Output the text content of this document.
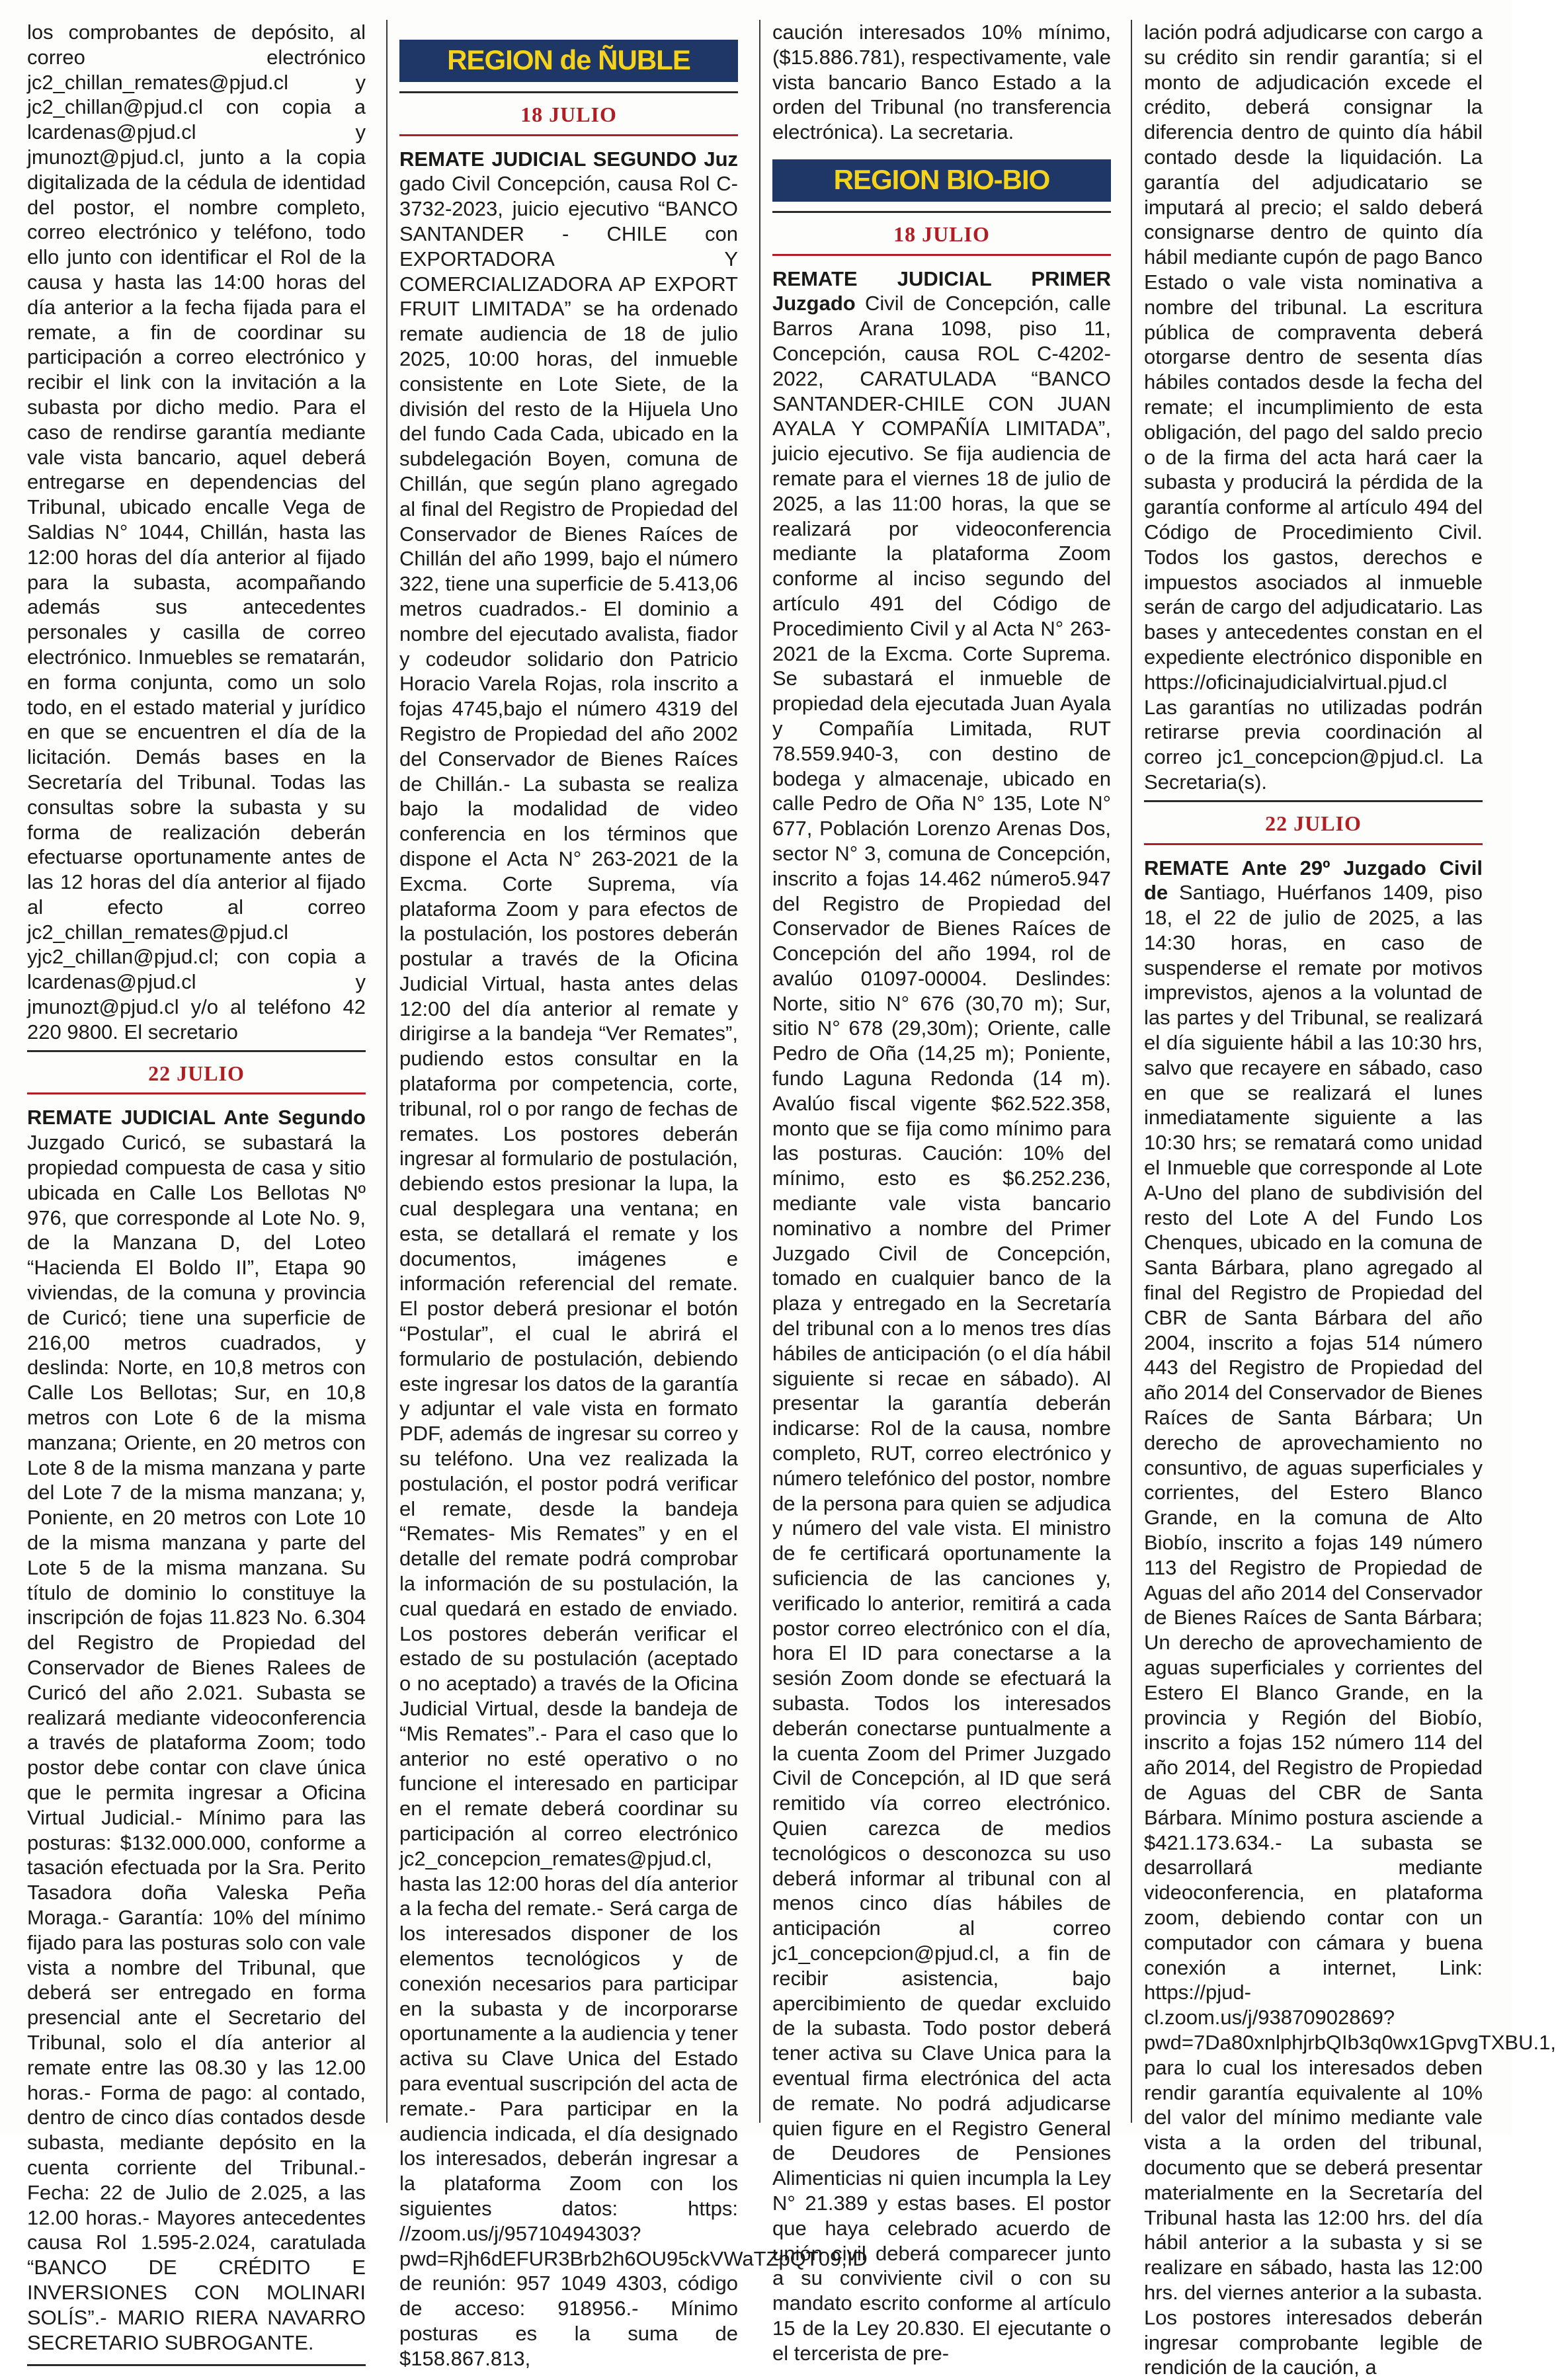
los comprobantes de depósito, al correo electrónico jc2_chillan_remates@pjud.cl y jc2_chillan@pjud.cl con copia a lcardenas@pjud.cl y jmunozt@pjud.cl, junto a la copia digitalizada de la cédula de identidad del postor, el nombre completo, correo electrónico y teléfono, todo ello junto con identificar el Rol de la causa y hasta las 14:00 horas del día anterior a la fecha fijada para el remate, a fin de coordinar su participación a correo electrónico y recibir el link con la invitación a la subasta por dicho medio. Para el caso de rendirse garantía mediante vale vista bancario, aquel deberá entregarse en dependencias del Tribunal, ubicado encalle Vega de Saldias N° 1044, Chillán, hasta las 12:00 horas del día anterior al fijado para la subasta, acompañando además sus antecedentes personales y casilla de correo electrónico. Inmuebles se rematarán, en forma conjunta, como un solo todo, en el estado material y jurídico en que se encuentren el día de la licitación. Demás bases en la Secretaría del Tribunal. Todas las consultas sobre la subasta y su forma de realización deberán efectuarse oportunamente antes de las 12 horas del día anterior al fijado al efecto al correo jc2_chillan_remates@pjud.cl yjc2_chillan@pjud.cl; con copia a lcardenas@pjud.cl y jmunozt@pjud.cl y/o al teléfono 42 220 9800. El secretario

22 JULIO

REMATE JUDICIAL Ante Segundo Juzgado Curicó, se subastará la propiedad compuesta de casa y sitio ubicada en Calle Los Bellotas Nº 976, que corresponde al Lote No. 9, de la Manzana D, del Loteo “Hacienda El Boldo II”, Etapa 90 viviendas, de la comuna y provincia de Curicó; tiene una superficie de 216,00 metros cuadrados, y deslinda: Norte, en 10,8 metros con Calle Los Bellotas; Sur, en 10,8 metros con Lote 6 de la misma manzana; Oriente, en 20 metros con Lote 8 de la misma manzana y parte del Lote 7 de la misma manzana; y, Poniente, en 20 metros con Lote 10 de la misma manzana y parte del Lote 5 de la misma manzana. Su título de dominio lo constituye la inscripción de fojas 11.823 No. 6.304 del Registro de Propiedad del Conservador de Bienes Ralees de Curicó del año 2.021. Subasta se realizará mediante videoconferencia a través de plataforma Zoom; todo postor debe contar con clave única que le permita ingresar a Oficina Virtual Judicial.- Mínimo para las posturas: $132.000.000, conforme a tasación efectuada por la Sra. Perito Tasadora doña Valeska Peña Moraga.- Garantía: 10% del mínimo fijado para las posturas solo con vale vista a nombre del Tribunal, que deberá ser entregado en forma presencial ante el Secretario del Tribunal, solo el día anterior al remate entre las 08.30 y las 12.00 horas.- Forma de pago: al contado, dentro de cinco días contados desde subasta, mediante depósito en la cuenta corriente del Tribunal.- Fecha: 22 de Julio de 2.025, a las 12.00 horas.- Mayores antecedentes causa Rol 1.595-2.024, caratulada “BANCO DE CRÉDITO E INVERSIONES CON MOLINARI SOLÍS”.- MARIO RIERA NAVARRO SECRETARIO SUBROGANTE.

REGION de ÑUBLE
18 JULIO

REMATE JUDICIAL SEGUNDO Juz gado Civil Concepción, causa Rol C-3732-2023, juicio ejecutivo “BANCO SANTANDER - CHILE con EXPORTADORA Y COMERCIALIZADORA AP EXPORT FRUIT LIMITADA” se ha ordenado remate audiencia de 18 de julio 2025, 10:00 horas, del inmueble consistente en Lote Siete, de la división del resto de la Hijuela Uno del fundo Cada Cada, ubicado en la subdelegación Boyen, comuna de Chillán, que según plano agregado al final del Registro de Propiedad del Conservador de Bienes Raíces de Chillán del año 1999, bajo el número 322, tiene una superficie de 5.413,06 metros cuadrados.- El dominio a nombre del ejecutado avalista, fiador y codeudor solidario don Patricio Horacio Varela Rojas, rola inscrito a fojas 4745,bajo el número 4319 del Registro de Propiedad del año 2002 del Conservador de Bienes Raíces de Chillán.- La subasta se realiza bajo la modalidad de video conferencia en los términos que dispone el Acta N° 263-2021 de la Excma. Corte Suprema, vía plataforma Zoom y para efectos de la postulación, los postores deberán postular a través de la Oficina Judicial Virtual, hasta antes delas 12:00 del día anterior al remate y dirigirse a la bandeja “Ver Remates”, pudiendo estos consultar en la plataforma por competencia, corte, tribunal, rol o por rango de fechas de remates. Los postores deberán ingresar al formulario de postulación, debiendo estos presionar la lupa, la cual desplegara una ventana; en esta, se detallará el remate y los documentos, imágenes e información referencial del remate. El postor deberá presionar el botón “Postular”, el cual le abrirá el formulario de postulación, debiendo este ingresar los datos de la garantía y adjuntar el vale vista en formato PDF, además de ingresar su correo y su teléfono. Una vez realizada la postulación, el postor podrá verificar el remate, desde la bandeja “Remates- Mis Remates” y en el detalle del remate podrá comprobar la información de su postulación, la cual quedará en estado de enviado. Los postores deberán verificar el estado de su postulación (aceptado o no aceptado) a través de la Oficina Judicial Virtual, desde la bandeja de “Mis Remates”.- Para el caso que lo anterior no esté operativo o no funcione el interesado en participar en el remate deberá coordinar su participación al correo electrónico jc2_concepcion_remates@pjud.cl, hasta las 12:00 horas del día anterior a la fecha del remate.- Será carga de los interesados disponer de los elementos tecnológicos y de conexión necesarios para participar en la subasta y de incorporarse oportunamente a la audiencia y tener activa su Clave Unica del Estado para eventual suscripción del acta de remate.- Para participar en la audiencia indicada, el día designado los interesados, deberán ingresar a la plataforma Zoom con los siguientes datos: https: //zoom.us/j/95710494303?pwd=Rjh6dEFUR3Brb2h6OU95ckVWaTZpQT09,ID de reunión: 957 1049 4303, código de acceso: 918956.- Mínimo posturas es la suma de $158.867.813,

caución interesados 10% mínimo, ($15.886.781), respectivamente, vale vista bancario Banco Estado a la orden del Tribunal (no transferencia electrónica). La secretaria.

REGION BIO-BIO
18 JULIO

REMATE JUDICIAL PRIMER Juzgado Civil de Concepción, calle Barros Arana 1098, piso 11, Concepción, causa ROL C-4202-2022, CARATULADA “BANCO SANTANDER-CHILE CON JUAN AYALA Y COMPAÑÍA LIMITADA”, juicio ejecutivo. Se fija audiencia de remate para el viernes 18 de julio de 2025, a las 11:00 horas, la que se realizará por videoconferencia mediante la plataforma Zoom conforme al inciso segundo del artículo 491 del Código de Procedimiento Civil y al Acta N° 263-2021 de la Excma. Corte Suprema. Se subastará el inmueble de propiedad dela ejecutada Juan Ayala y Compañía Limitada, RUT 78.559.940-3, con destino de bodega y almacenaje, ubicado en calle Pedro de Oña N° 135, Lote N° 677, Población Lorenzo Arenas Dos, sector N° 3, comuna de Concepción, inscrito a fojas 14.462 número5.947 del Registro de Propiedad del Conservador de Bienes Raíces de Concepción del año 1994, rol de avalúo 01097-00004. Deslindes: Norte, sitio N° 676 (30,70 m); Sur, sitio N° 678 (29,30m); Oriente, calle Pedro de Oña (14,25 m); Poniente, fundo Laguna Redonda (14 m). Avalúo fiscal vigente $62.522.358, monto que se fija como mínimo para las posturas. Caución: 10% del mínimo, esto es $6.252.236, mediante vale vista bancario nominativo a nombre del Primer Juzgado Civil de Concepción, tomado en cualquier banco de la plaza y entregado en la Secretaría del tribunal con a lo menos tres días hábiles de anticipación (o el día hábil siguiente si recae en sábado). Al presentar la garantía deberán indicarse: Rol de la causa, nombre completo, RUT, correo electrónico y número telefónico del postor, nombre de la persona para quien se adjudica y número del vale vista. El ministro de fe certificará oportunamente la suficiencia de las canciones y, verificado lo anterior, remitirá a cada postor correo electrónico con el día, hora El ID para conectarse a la sesión Zoom donde se efectuará la subasta. Todos los interesados deberán conectarse puntualmente a la cuenta Zoom del Primer Juzgado Civil de Concepción, al ID que será remitido vía correo electrónico. Quien carezca de medios tecnológicos o desconozca su uso deberá informar al tribunal con al menos cinco días hábiles de anticipación al correo jc1_concepcion@pjud.cl, a fin de recibir asistencia, bajo apercibimiento de quedar excluido de la subasta. Todo postor deberá tener activa su Clave Unica para la eventual firma electrónica del acta de remate. No podrá adjudicarse quien figure en el Registro General de Deudores de Pensiones Alimenticias ni quien incumpla la Ley N° 21.389 y estas bases. El postor que haya celebrado acuerdo de unión civil deberá comparecer junto a su conviviente civil o con su mandato escrito conforme al artículo 15 de la Ley 20.830. El ejecutante o el tercerista de pre-

lación podrá adjudicarse con cargo a su crédito sin rendir garantía; si el monto de adjudicación excede el crédito, deberá consignar la diferencia dentro de quinto día hábil contado desde la liquidación. La garantía del adjudicatario se imputará al precio; el saldo deberá consignarse dentro de quinto día hábil mediante cupón de pago Banco Estado o vale vista nominativa a nombre del tribunal. La escritura pública de compraventa deberá otorgarse dentro de sesenta días hábiles contados desde la fecha del remate; el incumplimiento de esta obligación, del pago del saldo precio o de la firma del acta hará caer la subasta y producirá la pérdida de la garantía conforme al artículo 494 del Código de Procedimiento Civil. Todos los gastos, derechos e impuestos asociados al inmueble serán de cargo del adjudicatario. Las bases y antecedentes constan en el expediente electrónico disponible en https://oficinajudicialvirtual.pjud.cl Las garantías no utilizadas podrán retirarse previa coordinación al correo jc1_concepcion@pjud.cl. La Secretaria(s).

22 JULIO

REMATE Ante 29º Juzgado Civil de Santiago, Huérfanos 1409, piso 18, el 22 de julio de 2025, a las 14:30 horas, en caso de suspenderse el remate por motivos imprevistos, ajenos a la voluntad de las partes y del Tribunal, se realizará el día siguiente hábil a las 10:30 hrs, salvo que recayere en sábado, caso en que se realizará el lunes inmediatamente siguiente a las 10:30 hrs; se rematará como unidad el Inmueble que corresponde al Lote A-Uno del plano de subdivisión del resto del Lote A del Fundo Los Chenques, ubicado en la comuna de Santa Bárbara, plano agregado al final del Registro de Propiedad del CBR de Santa Bárbara del año 2004, inscrito a fojas 514 número 443 del Registro de Propiedad del año 2014 del Conservador de Bienes Raíces de Santa Bárbara; Un derecho de aprovechamiento no consuntivo, de aguas superficiales y corrientes, del Estero Blanco Grande, en la comuna de Alto Biobío, inscrito a fojas 149 número 113 del Registro de Propiedad de Aguas del año 2014 del Conservador de Bienes Raíces de Santa Bárbara; Un derecho de aprovechamiento de aguas superficiales y corrientes del Estero El Blanco Grande, en la provincia y Región del Biobío, inscrito a fojas 152 número 114 del año 2014, del Registro de Propiedad de Aguas del CBR de Santa Bárbara. Mínimo postura asciende a $421.173.634.- La subasta se desarrollará mediante videoconferencia, en plataforma zoom, debiendo contar con un computador con cámara y buena conexión a internet, Link: https://pjud-cl.zoom.us/j/93870902869?pwd=7Da80xnlphjrbQIb3q0wx1GpvgTXBU.1, para lo cual los interesados deben rendir garantía equivalente al 10% del valor del mínimo mediante vale vista a la orden del tribunal, documento que se deberá presentar materialmente en la Secretaría del Tribunal hasta las 12:00 hrs. del día hábil anterior a la subasta y si se realizare en sábado, hasta las 12:00 hrs. del viernes anterior a la subasta. Los postores interesados deberán ingresar comprobante legible de rendición de la caución, a
